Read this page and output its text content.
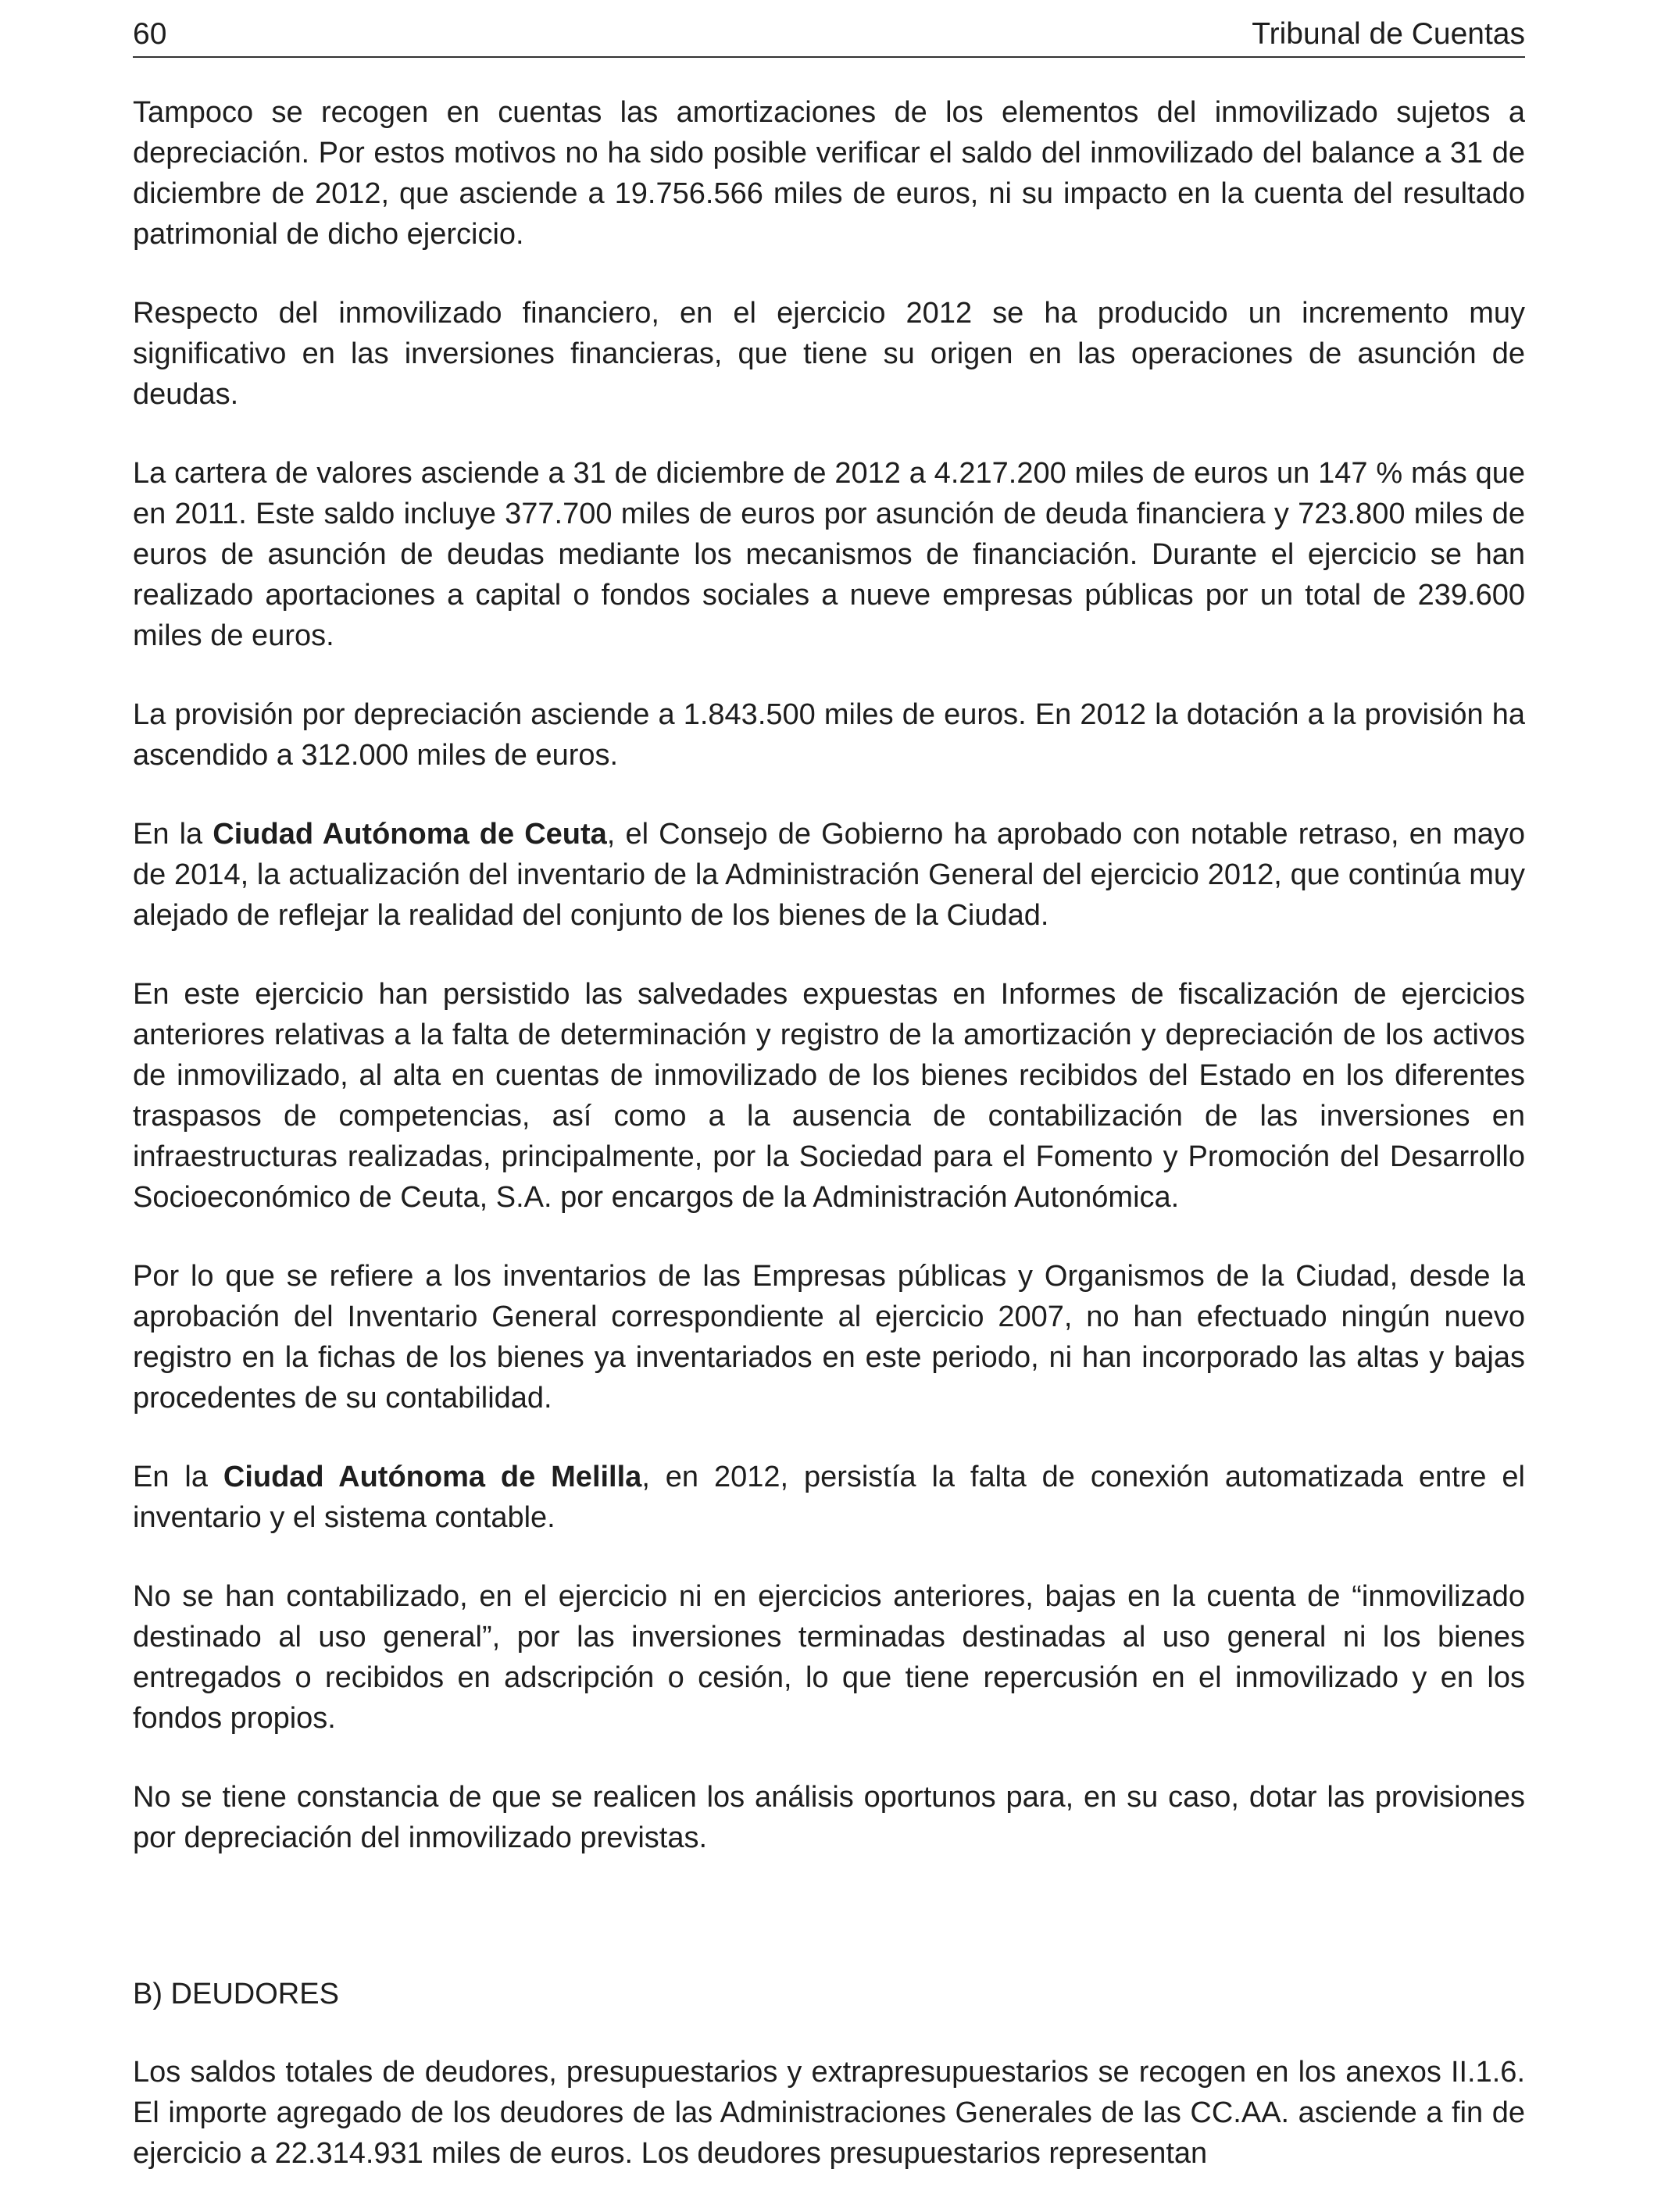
60	Tribunal de Cuentas

Tampoco se recogen en cuentas las amortizaciones de los elementos del inmovilizado sujetos a depreciación. Por estos motivos no ha sido posible verificar el saldo del inmovilizado del balance a 31 de diciembre de 2012, que asciende a 19.756.566 miles de euros, ni su impacto en la cuenta del resultado patrimonial de dicho ejercicio.

Respecto del inmovilizado financiero, en el ejercicio 2012 se ha producido un incremento muy significativo en las inversiones financieras, que tiene su origen en las operaciones de asunción de deudas.

La cartera de valores asciende a 31 de diciembre de 2012 a 4.217.200 miles de euros un 147 % más que en 2011. Este saldo incluye 377.700 miles de euros por asunción de deuda financiera y 723.800 miles de euros de asunción de deudas mediante los mecanismos de financiación. Durante el ejercicio se han realizado aportaciones a capital o fondos sociales a nueve empresas públicas por un total de 239.600 miles de euros.

La provisión por depreciación asciende a 1.843.500 miles de euros. En 2012 la dotación a la provisión ha ascendido a 312.000 miles de euros.

En la Ciudad Autónoma de Ceuta, el Consejo de Gobierno ha aprobado con notable retraso, en mayo de 2014, la actualización del inventario de la Administración General del ejercicio 2012, que continúa muy alejado de reflejar la realidad del conjunto de los bienes de la Ciudad.

En este ejercicio han persistido las salvedades expuestas en Informes de fiscalización de ejercicios anteriores relativas a la falta de determinación y registro de la amortización y depreciación de los activos de inmovilizado, al alta en cuentas de inmovilizado de los bienes recibidos del Estado en los diferentes traspasos de competencias, así como a la ausencia de contabilización de las inversiones en infraestructuras realizadas, principalmente, por la Sociedad para el Fomento y Promoción del Desarrollo Socioeconómico de Ceuta, S.A. por encargos de la Administración Autonómica.

Por lo que se refiere a los inventarios de las Empresas públicas y Organismos de la Ciudad, desde la aprobación del Inventario General correspondiente al ejercicio 2007, no han efectuado ningún nuevo registro en la fichas de los bienes ya inventariados en este periodo, ni han incorporado las altas y bajas procedentes de su contabilidad.

En la Ciudad Autónoma de Melilla, en 2012, persistía la falta de conexión automatizada entre el inventario y el sistema contable.

No se han contabilizado, en el ejercicio ni en ejercicios anteriores, bajas en la cuenta de “inmovilizado destinado al uso general”, por las inversiones terminadas destinadas al uso general ni los bienes entregados o recibidos en adscripción o cesión, lo que tiene repercusión en el inmovilizado y en los fondos propios.

No se tiene constancia de que se realicen los análisis oportunos para, en su caso, dotar las provisiones por depreciación del inmovilizado previstas.

B) DEUDORES

Los saldos totales de deudores, presupuestarios y extrapresupuestarios se recogen en los anexos II.1.6. El importe agregado de los deudores de las Administraciones Generales de las CC.AA. asciende a fin de ejercicio a 22.314.931 miles de euros. Los deudores presupuestarios representan
